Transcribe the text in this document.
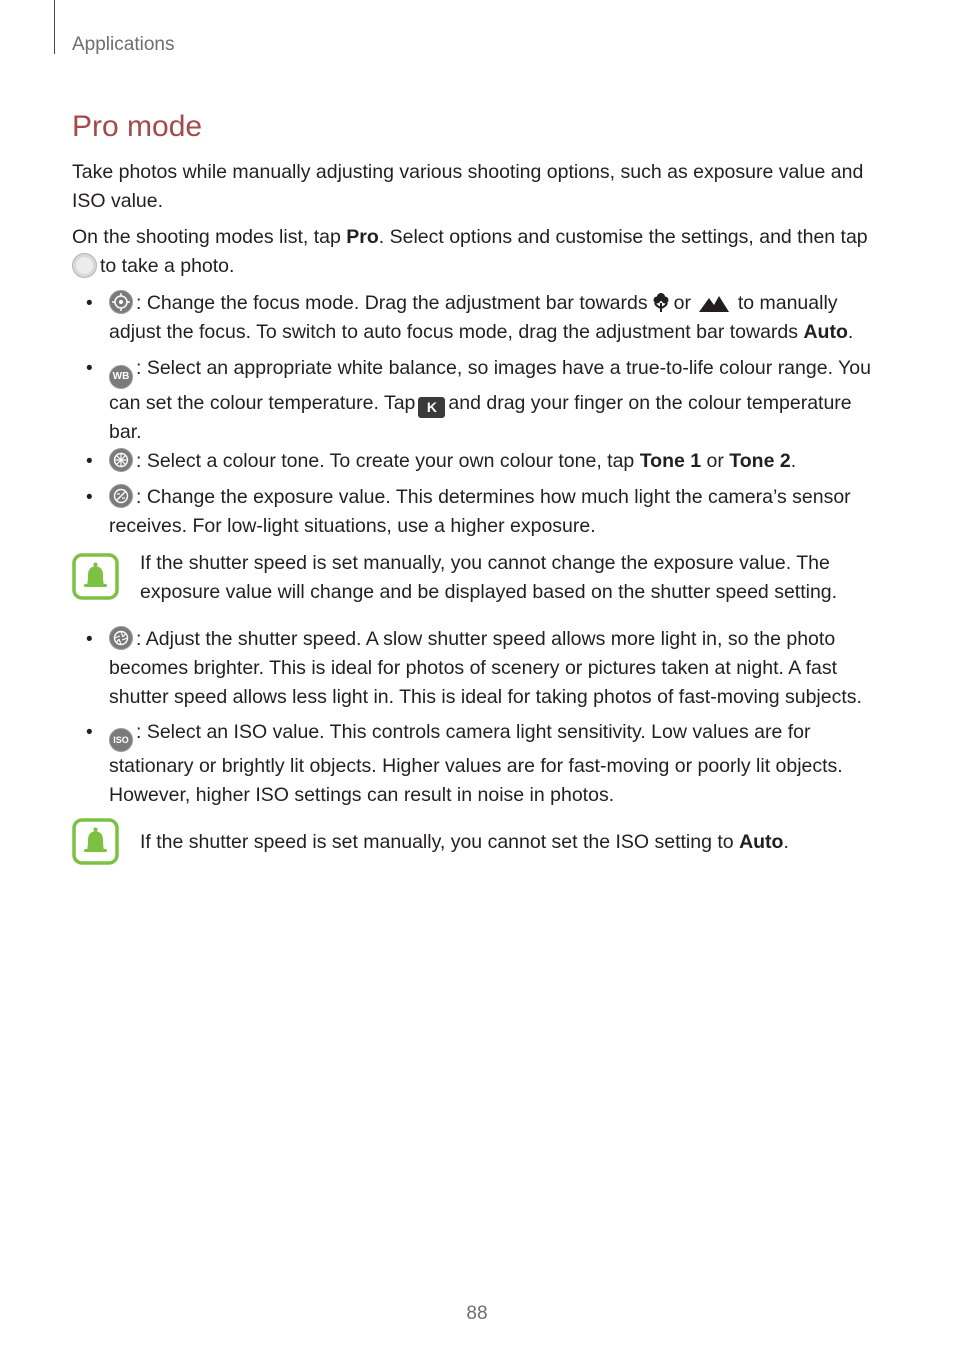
Applications
Pro mode

Take photos while manually adjusting various shooting options, such as exposure value and ISO value.

On the shooting modes list, tap Pro. Select options and customise the settings, and then tap
to take a photo.

•	: Change the focus mode. Drag the adjustment bar towards or to manually adjust the focus. To switch to auto focus mode, drag the adjustment bar towards Auto.

•	WB : Select an appropriate white balance, so images have a true-to-life colour range. You can set the colour temperature. Tap K and drag your finger on the colour temperature bar.

•	: Select a colour tone. To create your own colour tone, tap Tone 1 or Tone 2.

•	: Change the exposure value. This determines how much light the camera’s sensor receives. For low-light situations, use a higher exposure.

If the shutter speed is set manually, you cannot change the exposure value. The exposure value will change and be displayed based on the shutter speed setting.

•	: Adjust the shutter speed. A slow shutter speed allows more light in, so the photo becomes brighter. This is ideal for photos of scenery or pictures taken at night. A fast shutter speed allows less light in. This is ideal for taking photos of fast-moving subjects.

•	ISO : Select an ISO value. This controls camera light sensitivity. Low values are for stationary or brightly lit objects. Higher values are for fast-moving or poorly lit objects. However, higher ISO settings can result in noise in photos.

If the shutter speed is set manually, you cannot set the ISO setting to Auto.

88
